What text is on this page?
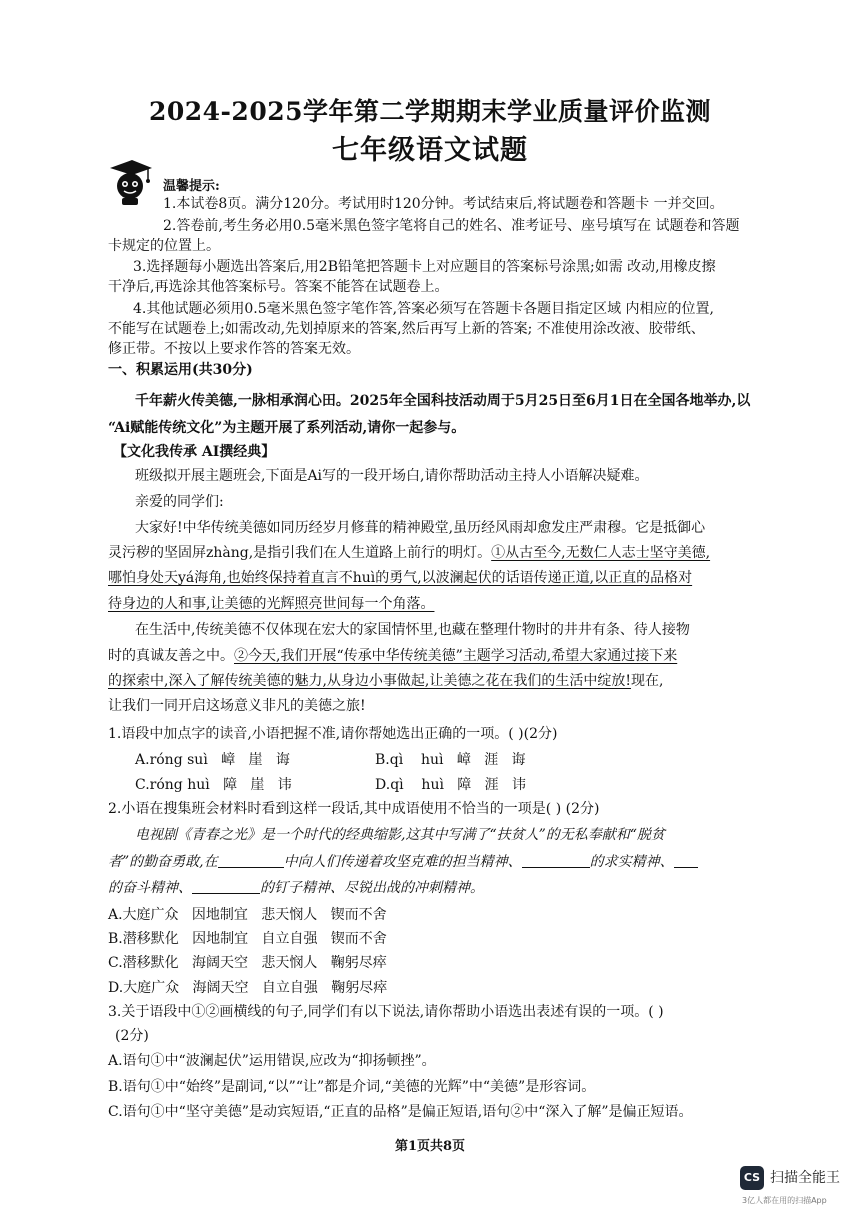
2024-2025学年第二学期期末学业质量评价监测
七年级语文试题
温馨提示:
1.本试卷8页。满分120分。考试用时120分钟。考试结束后,将试题卷和答题卡 一并交回。
2.答卷前,考生务必用0.5毫米黑色签字笔将自己的姓名、准考证号、座号填写在 试题卷和答题
卡规定的位置上。
3.选择题每小题选出答案后,用2B铅笔把答题卡上对应题目的答案标号涂黑;如需 改动,用橡皮擦
干净后,再选涂其他答案标号。答案不能答在试题卷上。
4.其他试题必须用0.5毫米黑色签字笔作答,答案必须写在答题卡各题目指定区域 内相应的位置,
不能写在试题卷上;如需改动,先划掉原来的答案,然后再写上新的答案; 不准使用涂改液、胶带纸、
修正带。不按以上要求作答的答案无效。
一、积累运用(共30分)
千年薪火传美德,一脉相承润心田。2025年全国科技活动周于5月25日至6月1日在全国各地举办,以
“Ai赋能传统文化”为主题开展了系列活动,请你一起参与。
【文化我传承 AI撰经典】
班级拟开展主题班会,下面是Ai写的一段开场白,请你帮助活动主持人小语解决疑难。
亲爱的同学们:
大家好!中华传统美德如同历经岁月修葺的精神殿堂,虽历经风雨却愈发庄严肃穆。它是抵御心
灵污秽的坚固屏zhàng,是指引我们在人生道路上前行的明灯。①从古至今,无数仁人志士坚守美德,
哪怕身处天yá海角,也始终保持着直言不huì的勇气,以波澜起伏的话语传递正道,以正直的品格对
待身边的人和事,让美德的光辉照亮世间每一个角落。
在生活中,传统美德不仅体现在宏大的家国情怀里,也藏在整理什物时的井井有条、待人接物
时的真诚友善之中。②今天,我们开展“传承中华传统美德”主题学习活动,希望大家通过接下来
的探索中,深入了解传统美德的魅力,从身边小事做起,让美德之花在我们的生活中绽放!现在,
让我们一同开启这场意义非凡的美德之旅!
1.语段中加点字的读音,小语把握不准,请你帮她选出正确的一项。( )(2分)
A.róng suì   嶂   崖   诲	B.qì    huì   嶂   涯   诲
C.róng huì   障   崖   讳	D.qì    huì   障   涯   讳
2.小语在搜集班会材料时看到这样一段话,其中成语使用不恰当的一项是( ) (2分)
电视剧《青春之光》是一个时代的经典缩影,这其中写满了“扶贫人”的无私奉献和“脱贫
者”的勤奋勇敢,在	中向人们传递着攻坚克难的担当精神、	的求实精神、
的奋斗精神、	的钉子精神、尽锐出战的冲刺精神。
A.大庭广众   因地制宜   悲天悯人   锲而不舍
B.潜移默化   因地制宜   自立自强   锲而不舍
C.潜移默化   海阔天空   悲天悯人   鞠躬尽瘁
D.大庭广众   海阔天空   自立自强   鞠躬尽瘁
3.关于语段中①②画横线的句子,同学们有以下说法,请你帮助小语选出表述有误的一项。( )
(2分)
A.语句①中“波澜起伏”运用错误,应改为“抑扬顿挫”。
B.语句①中“始终”是副词,“以”“让”都是介词,“美德的光辉”中“美德”是形容词。
C.语句①中“坚守美德”是动宾短语,“正直的品格”是偏正短语,语句②中“深入了解”是偏正短语。
第1页共8页
CS 扫描全能王
3亿人都在用的扫描App
